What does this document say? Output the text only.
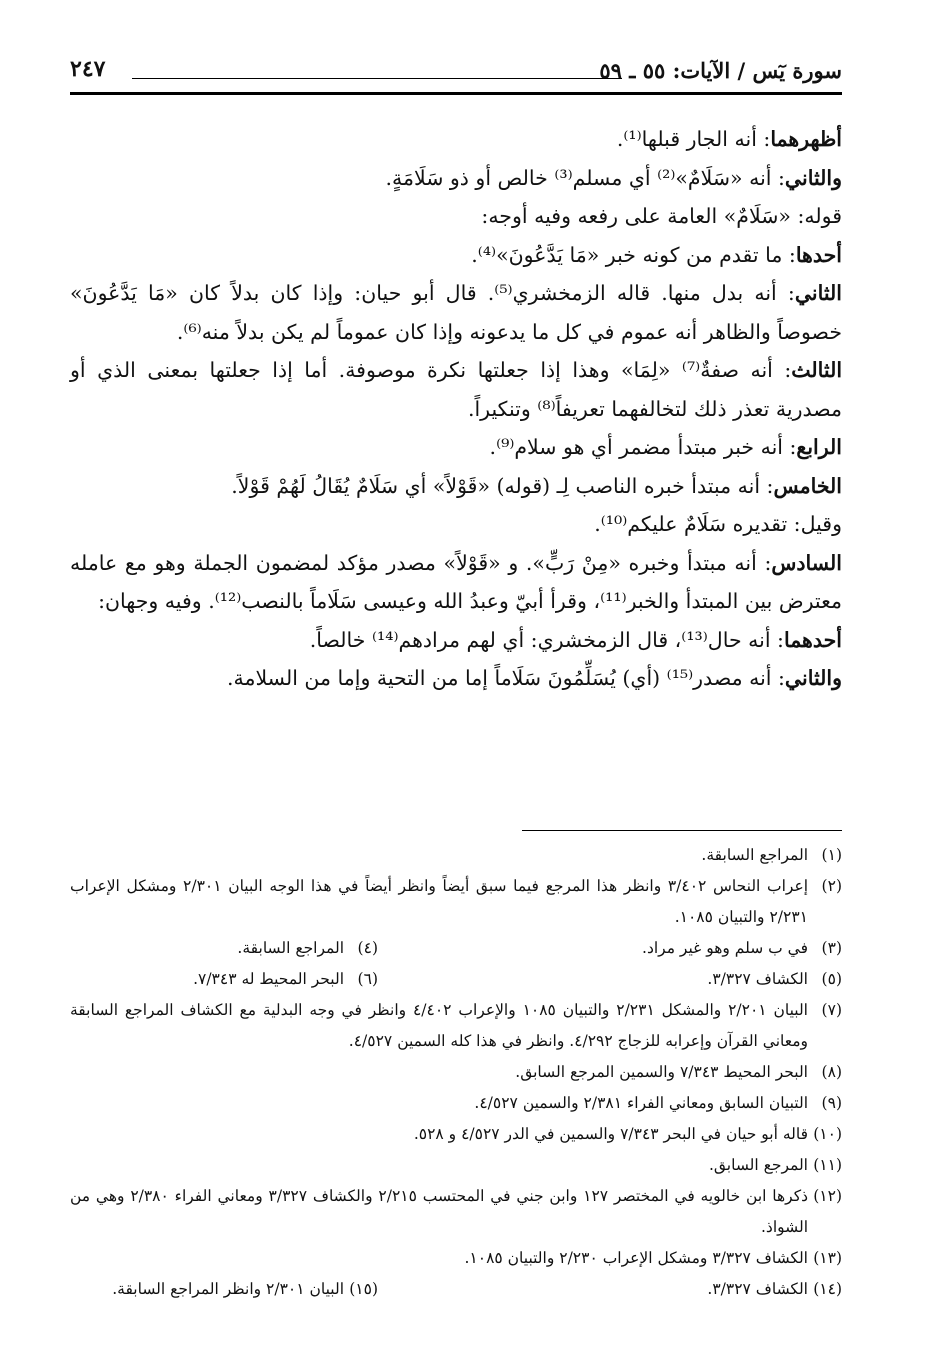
سورة يٓس / الآيات: ٥٥ ـ ٥٩
٢٤٧

أظهرهما: أنه الجار قبلها⁽¹⁾.

والثاني: أنه «سَلَامٌ»⁽²⁾ أي مسلم⁽³⁾ خالص أو ذو سَلَامَةٍ.

قوله: «سَلَامٌ» العامة على رفعه وفيه أوجه:

أحدها: ما تقدم من كونه خبر «مَا يَدَّعُونَ»⁽⁴⁾.

الثاني: أنه بدل منها. قاله الزمخشري⁽⁵⁾. قال أبو حيان: وإذا كان بدلاً كان «مَا يَدَّعُونَ» خصوصاً والظاهر أنه عموم في كل ما يدعونه وإذا كان عموماً لم يكن بدلاً منه⁽⁶⁾.

الثالث: أنه صفةٌ⁽⁷⁾ «لِمَا» وهذا إذا جعلتها نكرة موصوفة. أما إذا جعلتها بمعنى الذي أو مصدرية تعذر ذلك لتخالفهما تعريفاً⁽⁸⁾ وتنكيراً.

الرابع: أنه خبر مبتدأ مضمر أي هو سلام⁽⁹⁾.

الخامس: أنه مبتدأ خبره الناصب لِـ (قوله) «قَوْلاً» أي سَلَامٌ يُقَالُ لَهُمْ قَوْلاً.

وقيل: تقديره سَلَامٌ عليكم⁽¹⁰⁾.

السادس: أنه مبتدأ وخبره «مِنْ رَبٍّ». و «قَوْلاً» مصدر مؤكد لمضمون الجملة وهو مع عامله معترض بين المبتدأ والخبر⁽¹¹⁾، وقرأ أبيّ وعبدُ الله وعيسى سَلَاماً بالنصب⁽¹²⁾. وفيه وجهان:

أحدهما: أنه حال⁽¹³⁾، قال الزمخشري: أي لهم مرادهم⁽¹⁴⁾ خالصاً.

والثاني: أنه مصدر⁽¹⁵⁾ (أي) يُسَلِّمُونَ سَلَاماً إما من التحية وإما من السلامة.

(١)
المراجع السابقة.

(٢)
إعراب النحاس ٣/٤٠٢ وانظر هذا المرجع فيما سبق أيضاً وانظر أيضاً في هذا الوجه البيان ٢/٣٠١ ومشكل الإعراب ٢/٢٣١ والتبيان ١٠٨٥.

(٣)
في ب سلم وهو غير مراد.
(٤)
المراجع السابقة.

(٥)
الكشاف ٣/٣٢٧.
(٦)
البحر المحيط له ٧/٣٤٣.

(٧)
البيان ٢/٢٠١ والمشكل ٢/٢٣١ والتبيان ١٠٨٥ والإعراب ٤/٤٠٢ وانظر في وجه البدلية مع الكشاف المراجع السابقة ومعاني القرآن وإعرابه للزجاج ٤/٢٩٢. وانظر في هذا كله السمين ٤/٥٢٧.

(٨)
البحر المحيط ٧/٣٤٣ والسمين المرجع السابق.

(٩)
التبيان السابق ومعاني الفراء ٢/٣٨١ والسمين ٤/٥٢٧.

(١٠)
قاله أبو حيان في البحر ٧/٣٤٣ والسمين في الدر ٤/٥٢٧ و ٥٢٨.

(١١)
المرجع السابق.

(١٢)
ذكرها ابن خالويه في المختصر ١٢٧ وابن جني في المحتسب ٢/٢١٥ والكشاف ٣/٣٢٧ ومعاني الفراء ٢/٣٨٠ وهي من الشواذ.

(١٣)
الكشاف ٣/٣٢٧ ومشكل الإعراب ٢/٢٣٠ والتبيان ١٠٨٥.

(١٤)
الكشاف ٣/٣٢٧.
(١٥)
البيان ٢/٣٠١ وانظر المراجع السابقة.
